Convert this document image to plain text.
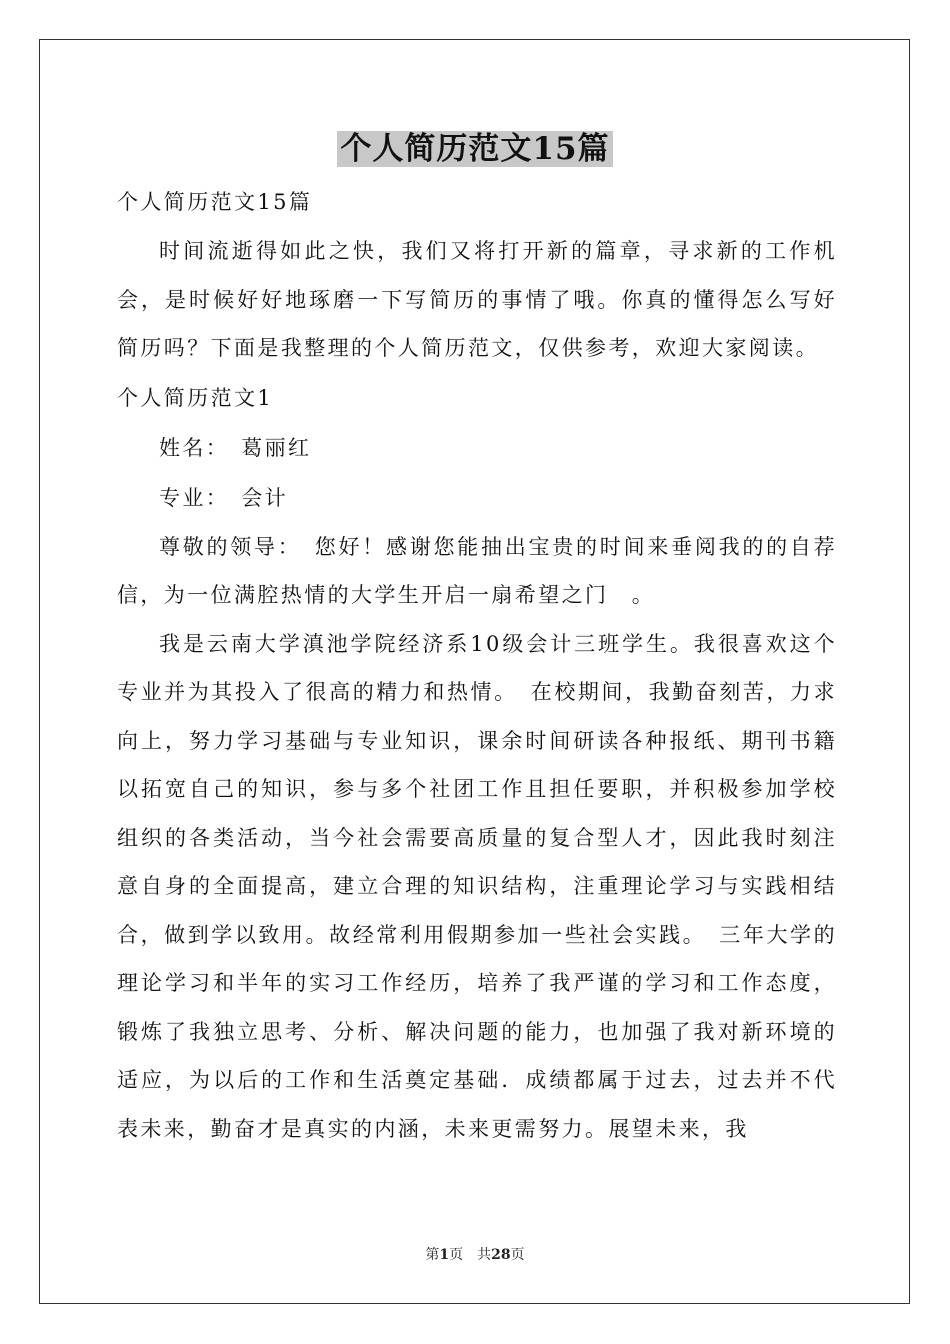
个人简历范文15篇

个人简历范文15篇

时间流逝得如此之快，我们又将打开新的篇章，寻求新的工作机会，是时候好好地琢磨一下写简历的事情了哦。你真的懂得怎么写好简历吗？下面是我整理的个人简历范文，仅供参考，欢迎大家阅读。

个人简历范文1

姓名： 葛丽红

专业： 会计

尊敬的领导：　您好！感谢您能抽出宝贵的时间来垂阅我的的自荐信，为一位满腔热情的大学生开启一扇希望之门　。

我是云南大学滇池学院经济系10级会计三班学生。我很喜欢这个专业并为其投入了很高的精力和热情。　在校期间，我勤奋刻苦，力求向上，努力学习基础与专业知识，课余时间研读各种报纸、期刊书籍以拓宽自己的知识，参与多个社团工作且担任要职，并积极参加学校组织的各类活动，当今社会需要高质量的复合型人才，因此我时刻注意自身的全面提高，建立合理的知识结构，注重理论学习与实践相结合，做到学以致用。故经常利用假期参加一些社会实践。　三年大学的理论学习和半年的实习工作经历，培养了我严谨的学习和工作态度，锻炼了我独立思考、分析、解决问题的能力，也加强了我对新环境的适应，为以后的工作和生活奠定基础．成绩都属于过去，过去并不代表未来，勤奋才是真实的内涵，未来更需努力。展望未来，我

第1页　共28页
